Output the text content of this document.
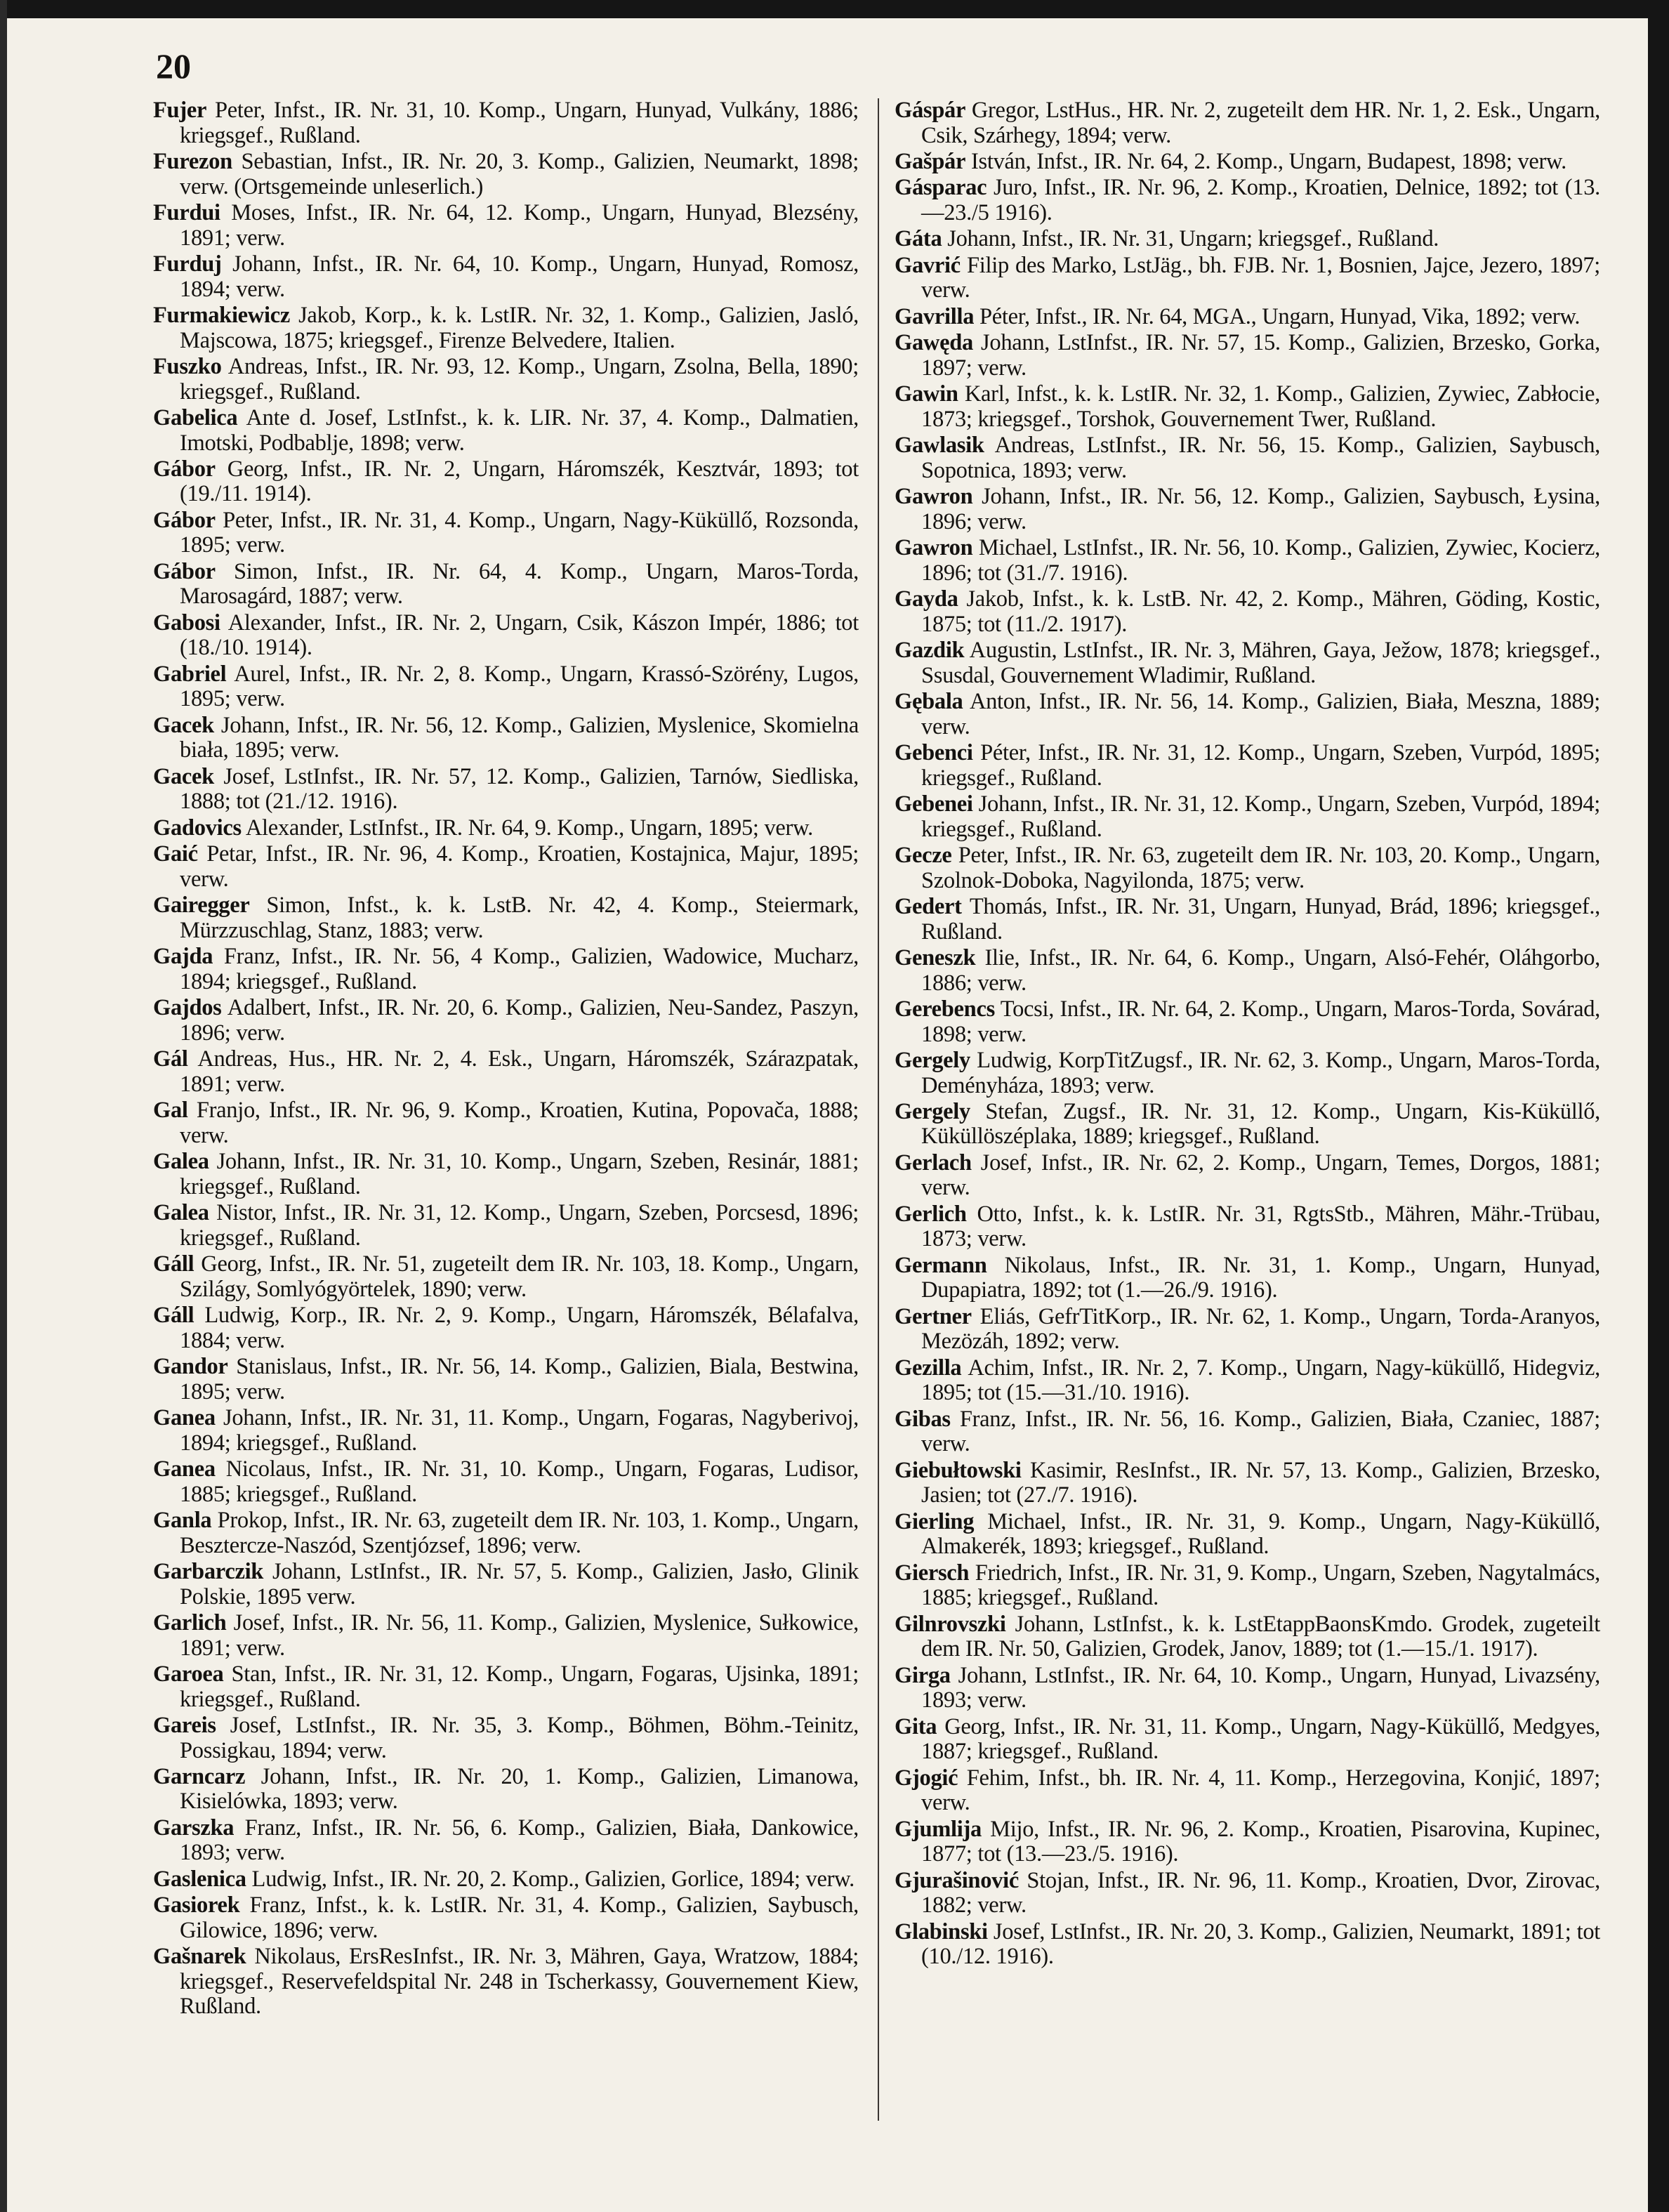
20

Fujer Peter, Infst., IR. Nr. 31, 10. Komp., Ungarn, Hunyad, Vulkány, 1886; kriegsgef., Rußland.

Furezon Sebastian, Infst., IR. Nr. 20, 3. Komp., Galizien, Neumarkt, 1898; verw. (Ortsgemeinde unleserlich.)

Furdui Moses, Infst., IR. Nr. 64, 12. Komp., Ungarn, Hunyad, Blezsény, 1891; verw.

Furduj Johann, Infst., IR. Nr. 64, 10. Komp., Ungarn, Hunyad, Romosz, 1894; verw.

Furmakiewicz Jakob, Korp., k. k. LstIR. Nr. 32, 1. Komp., Galizien, Jasló, Majscowa, 1875; kriegsgef., Firenze Belvedere, Italien.

Fuszko Andreas, Infst., IR. Nr. 93, 12. Komp., Ungarn, Zsolna, Bella, 1890; kriegsgef., Rußland.

Gabelica Ante d. Josef, LstInfst., k. k. LIR. Nr. 37, 4. Komp., Dalmatien, Imotski, Podbablje, 1898; verw.

Gábor Georg, Infst., IR. Nr. 2, Ungarn, Háromszék, Kesztvár, 1893; tot (19./11. 1914).

Gábor Peter, Infst., IR. Nr. 31, 4. Komp., Ungarn, Nagy-Küküllő, Rozsonda, 1895; verw.

Gábor Simon, Infst., IR. Nr. 64, 4. Komp., Ungarn, Maros-Torda, Marosagárd, 1887; verw.

Gabosi Alexander, Infst., IR. Nr. 2, Ungarn, Csik, Kászon Impér, 1886; tot (18./10. 1914).

Gabriel Aurel, Infst., IR. Nr. 2, 8. Komp., Ungarn, Krassó-Szörény, Lugos, 1895; verw.

Gacek Johann, Infst., IR. Nr. 56, 12. Komp., Galizien, Myslenice, Skomielna biała, 1895; verw.

Gacek Josef, LstInfst., IR. Nr. 57, 12. Komp., Galizien, Tarnów, Siedliska, 1888; tot (21./12. 1916).

Gadovics Alexander, LstInfst., IR. Nr. 64, 9. Komp., Ungarn, 1895; verw.

Gaić Petar, Infst., IR. Nr. 96, 4. Komp., Kroatien, Kostajnica, Majur, 1895; verw.

Gairegger Simon, Infst., k. k. LstB. Nr. 42, 4. Komp., Steiermark, Mürzzuschlag, Stanz, 1883; verw.

Gajda Franz, Infst., IR. Nr. 56, 4 Komp., Galizien, Wadowice, Mucharz, 1894; kriegsgef., Rußland.

Gajdos Adalbert, Infst., IR. Nr. 20, 6. Komp., Galizien, Neu-Sandez, Paszyn, 1896; verw.

Gál Andreas, Hus., HR. Nr. 2, 4. Esk., Ungarn, Háromszék, Szárazpatak, 1891; verw.

Gal Franjo, Infst., IR. Nr. 96, 9. Komp., Kroatien, Kutina, Popovača, 1888; verw.

Galea Johann, Infst., IR. Nr. 31, 10. Komp., Ungarn, Szeben, Resinár, 1881; kriegsgef., Rußland.

Galea Nistor, Infst., IR. Nr. 31, 12. Komp., Ungarn, Szeben, Porcsesd, 1896; kriegsgef., Rußland.

Gáll Georg, Infst., IR. Nr. 51, zugeteilt dem IR. Nr. 103, 18. Komp., Ungarn, Szilágy, Somlyógyörtelek, 1890; verw.

Gáll Ludwig, Korp., IR. Nr. 2, 9. Komp., Ungarn, Háromszék, Bélafalva, 1884; verw.

Gandor Stanislaus, Infst., IR. Nr. 56, 14. Komp., Galizien, Biala, Bestwina, 1895; verw.

Ganea Johann, Infst., IR. Nr. 31, 11. Komp., Ungarn, Fogaras, Nagyberivoj, 1894; kriegsgef., Rußland.

Ganea Nicolaus, Infst., IR. Nr. 31, 10. Komp., Ungarn, Fogaras, Ludisor, 1885; kriegsgef., Rußland.

Ganla Prokop, Infst., IR. Nr. 63, zugeteilt dem IR. Nr. 103, 1. Komp., Ungarn, Besztercze-Naszód, Szentjózsef, 1896; verw.

Garbarczik Johann, LstInfst., IR. Nr. 57, 5. Komp., Galizien, Jasło, Glinik Polskie, 1895 verw.

Garlich Josef, Infst., IR. Nr. 56, 11. Komp., Galizien, Myslenice, Sułkowice, 1891; verw.

Garoea Stan, Infst., IR. Nr. 31, 12. Komp., Ungarn, Fogaras, Ujsinka, 1891; kriegsgef., Rußland.

Gareis Josef, LstInfst., IR. Nr. 35, 3. Komp., Böhmen, Böhm.-Teinitz, Possigkau, 1894; verw.

Garncarz Johann, Infst., IR. Nr. 20, 1. Komp., Galizien, Limanowa, Kisielówka, 1893; verw.

Garszka Franz, Infst., IR. Nr. 56, 6. Komp., Galizien, Biała, Dankowice, 1893; verw.

Gaslenica Ludwig, Infst., IR. Nr. 20, 2. Komp., Galizien, Gorlice, 1894; verw.

Gasiorek Franz, Infst., k. k. LstIR. Nr. 31, 4. Komp., Galizien, Saybusch, Gilowice, 1896; verw.

Gašnarek Nikolaus, ErsResInfst., IR. Nr. 3, Mähren, Gaya, Wratzow, 1884; kriegsgef., Reservefeldspital Nr. 248 in Tscherkassy, Gouvernement Kiew, Rußland.

Gáspár Gregor, LstHus., HR. Nr. 2, zugeteilt dem HR. Nr. 1, 2. Esk., Ungarn, Csik, Szárhegy, 1894; verw.

Gašpár István, Infst., IR. Nr. 64, 2. Komp., Ungarn, Budapest, 1898; verw.

Gásparac Juro, Infst., IR. Nr. 96, 2. Komp., Kroatien, Delnice, 1892; tot (13.—23./5 1916).

Gáta Johann, Infst., IR. Nr. 31, Ungarn; kriegsgef., Rußland.

Gavrić Filip des Marko, LstJäg., bh. FJB. Nr. 1, Bosnien, Jajce, Jezero, 1897; verw.

Gavrilla Péter, Infst., IR. Nr. 64, MGA., Ungarn, Hunyad, Vika, 1892; verw.

Gawęda Johann, LstInfst., IR. Nr. 57, 15. Komp., Galizien, Brzesko, Gorka, 1897; verw.

Gawin Karl, Infst., k. k. LstIR. Nr. 32, 1. Komp., Galizien, Zywiec, Zabłocie, 1873; kriegsgef., Torshok, Gouvernement Twer, Rußland.

Gawlasik Andreas, LstInfst., IR. Nr. 56, 15. Komp., Galizien, Saybusch, Sopotnica, 1893; verw.

Gawron Johann, Infst., IR. Nr. 56, 12. Komp., Galizien, Saybusch, Łysina, 1896; verw.

Gawron Michael, LstInfst., IR. Nr. 56, 10. Komp., Galizien, Zywiec, Kocierz, 1896; tot (31./7. 1916).

Gayda Jakob, Infst., k. k. LstB. Nr. 42, 2. Komp., Mähren, Göding, Kostic, 1875; tot (11./2. 1917).

Gazdik Augustin, LstInfst., IR. Nr. 3, Mähren, Gaya, Ježow, 1878; kriegsgef., Ssusdal, Gouvernement Wladimir, Rußland.

Gębala Anton, Infst., IR. Nr. 56, 14. Komp., Galizien, Biała, Meszna, 1889; verw.

Gebenci Péter, Infst., IR. Nr. 31, 12. Komp., Ungarn, Szeben, Vurpód, 1895; kriegsgef., Rußland.

Gebenei Johann, Infst., IR. Nr. 31, 12. Komp., Ungarn, Szeben, Vurpód, 1894; kriegsgef., Rußland.

Gecze Peter, Infst., IR. Nr. 63, zugeteilt dem IR. Nr. 103, 20. Komp., Ungarn, Szolnok-Doboka, Nagyilonda, 1875; verw.

Gedert Thomás, Infst., IR. Nr. 31, Ungarn, Hunyad, Brád, 1896; kriegsgef., Rußland.

Geneszk Ilie, Infst., IR. Nr. 64, 6. Komp., Ungarn, Alsó-Fehér, Oláhgorbo, 1886; verw.

Gerebencs Tocsi, Infst., IR. Nr. 64, 2. Komp., Ungarn, Maros-Torda, Sovárad, 1898; verw.

Gergely Ludwig, KorpTitZugsf., IR. Nr. 62, 3. Komp., Ungarn, Maros-Torda, Deményháza, 1893; verw.

Gergely Stefan, Zugsf., IR. Nr. 31, 12. Komp., Ungarn, Kis-Küküllő, Küküllöszéplaka, 1889; kriegsgef., Rußland.

Gerlach Josef, Infst., IR. Nr. 62, 2. Komp., Ungarn, Temes, Dorgos, 1881; verw.

Gerlich Otto, Infst., k. k. LstIR. Nr. 31, RgtsStb., Mähren, Mähr.-Trübau, 1873; verw.

Germann Nikolaus, Infst., IR. Nr. 31, 1. Komp., Ungarn, Hunyad, Dupapiatra, 1892; tot (1.—26./9. 1916).

Gertner Eliás, GefrTitKorp., IR. Nr. 62, 1. Komp., Ungarn, Torda-Aranyos, Mezözáh, 1892; verw.

Gezilla Achim, Infst., IR. Nr. 2, 7. Komp., Ungarn, Nagy-küküllő, Hidegviz, 1895; tot (15.—31./10. 1916).

Gibas Franz, Infst., IR. Nr. 56, 16. Komp., Galizien, Biała, Czaniec, 1887; verw.

Giebułtowski Kasimir, ResInfst., IR. Nr. 57, 13. Komp., Galizien, Brzesko, Jasien; tot (27./7. 1916).

Gierling Michael, Infst., IR. Nr. 31, 9. Komp., Ungarn, Nagy-Küküllő, Almakerék, 1893; kriegsgef., Rußland.

Giersch Friedrich, Infst., IR. Nr. 31, 9. Komp., Ungarn, Szeben, Nagytalmács, 1885; kriegsgef., Rußland.

Gilnrovszki Johann, LstInfst., k. k. LstEtappBaonsKmdo. Grodek, zugeteilt dem IR. Nr. 50, Galizien, Grodek, Janov, 1889; tot (1.—15./1. 1917).

Girga Johann, LstInfst., IR. Nr. 64, 10. Komp., Ungarn, Hunyad, Livazsény, 1893; verw.

Gita Georg, Infst., IR. Nr. 31, 11. Komp., Ungarn, Nagy-Küküllő, Medgyes, 1887; kriegsgef., Rußland.

Gjogić Fehim, Infst., bh. IR. Nr. 4, 11. Komp., Herzegovina, Konjić, 1897; verw.

Gjumlija Mijo, Infst., IR. Nr. 96, 2. Komp., Kroatien, Pisarovina, Kupinec, 1877; tot (13.—23./5. 1916).

Gjurašinović Stojan, Infst., IR. Nr. 96, 11. Komp., Kroatien, Dvor, Zirovac, 1882; verw.

Glabinski Josef, LstInfst., IR. Nr. 20, 3. Komp., Galizien, Neumarkt, 1891; tot (10./12. 1916).
